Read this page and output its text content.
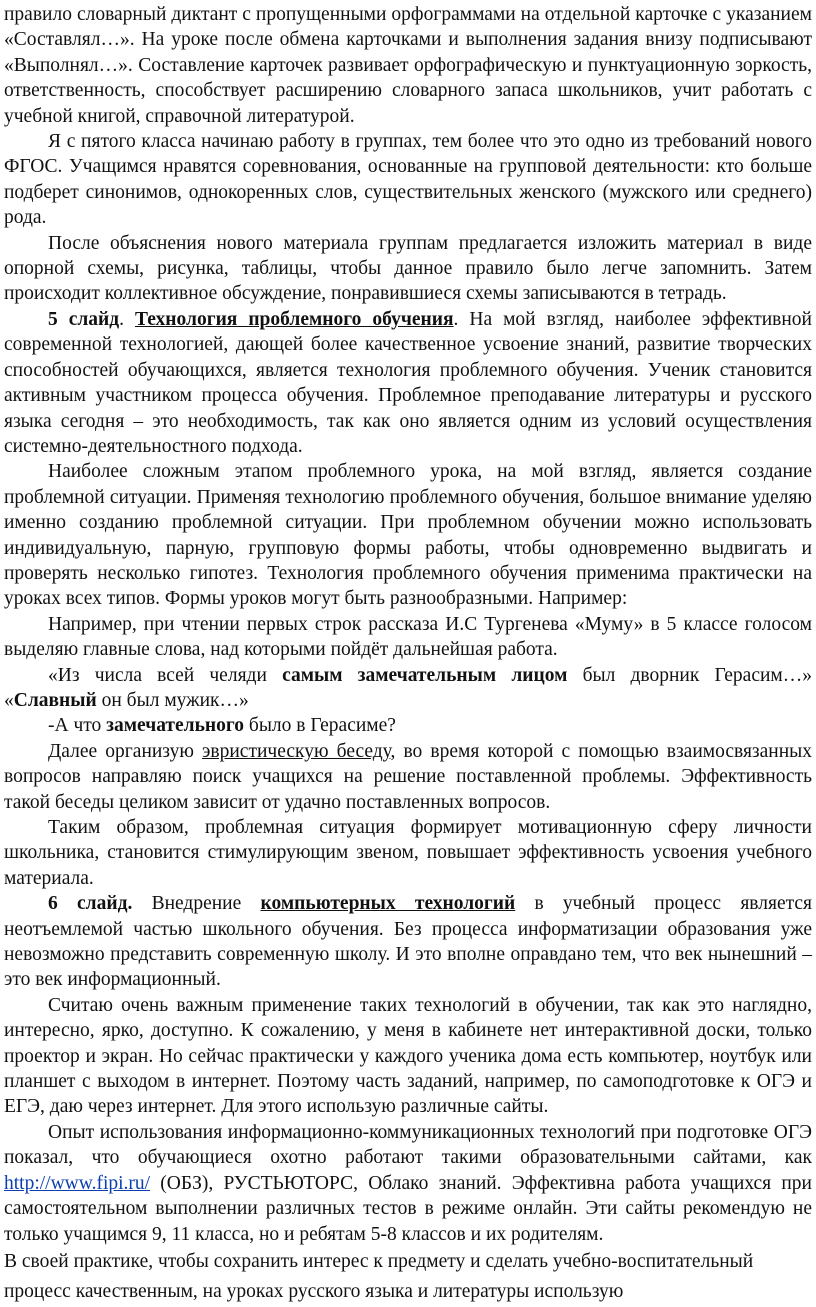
правило словарный диктант с пропущенными орфограммами на отдельной карточке с указанием «Составлял…». На уроке после обмена карточками и выполнения задания внизу подписывают «Выполнял…». Составление карточек развивает орфографическую и пунктуационную зоркость, ответственность, способствует расширению словарного запаса школьников, учит работать с учебной книгой, справочной литературой.

Я с пятого класса начинаю работу в группах, тем более что это одно из требований нового ФГОС. Учащимся нравятся соревнования, основанные на групповой деятельности: кто больше подберет синонимов, однокоренных слов, существительных женского (мужского или среднего) рода.

После объяснения нового материала группам предлагается изложить материал в виде опорной схемы, рисунка, таблицы, чтобы данное правило было легче запомнить. Затем происходит коллективное обсуждение, понравившиеся схемы записываются в тетрадь.

5 слайд. Технология проблемного обучения. На мой взгляд, наиболее эффективной современной технологией, дающей более качественное усвоение знаний, развитие творческих способностей обучающихся, является технология проблемного обучения. Ученик становится активным участником процесса обучения. Проблемное преподавание литературы и русского языка сегодня – это необходимость, так как оно является одним из условий осуществления системно-деятельностного подхода.

Наиболее сложным этапом проблемного урока, на мой взгляд, является создание проблемной ситуации. Применяя технологию проблемного обучения, большое внимание уделяю именно созданию проблемной ситуации. При проблемном обучении можно использовать индивидуальную, парную, групповую формы работы, чтобы одновременно выдвигать и проверять несколько гипотез. Технология проблемного обучения применима практически на уроках всех типов. Формы уроков могут быть разнообразными. Например:

Например, при чтении первых строк рассказа И.С Тургенева «Муму» в 5 классе голосом выделяю главные слова, над которыми пойдёт дальнейшая работа.

«Из числа всей челяди самым замечательным лицом был дворник Герасим…» «Славный он был мужик…»

-А что замечательного было в Герасиме?

Далее организую эвристическую беседу, во время которой с помощью взаимосвязанных вопросов направляю поиск учащихся на решение поставленной проблемы. Эффективность такой беседы целиком зависит от удачно поставленных вопросов.

Таким образом, проблемная ситуация формирует мотивационную сферу личности школьника, становится стимулирующим звеном, повышает эффективность усвоения учебного материала.

6 слайд. Внедрение компьютерных технологий в учебный процесс является неотъемлемой частью школьного обучения. Без процесса информатизации образования уже невозможно представить современную школу. И это вполне оправдано тем, что век нынешний – это век информационный.

Считаю очень важным применение таких технологий в обучении, так как это наглядно, интересно, ярко, доступно. К сожалению, у меня в кабинете нет интерактивной доски, только проектор и экран. Но сейчас практически у каждого ученика дома есть компьютер, ноутбук или планшет с выходом в интернет. Поэтому часть заданий, например, по самоподготовке к ОГЭ и ЕГЭ, даю через интернет. Для этого использую различные сайты.

Опыт использования информационно-коммуникационных технологий при подготовке ОГЭ показал, что обучающиеся охотно работают такими образовательными сайтами, как http://www.fipi.ru/ (ОБЗ), РУСТЬЮТОРС, Облако знаний. Эффективна работа учащихся при самостоятельном выполнении различных тестов в режиме онлайн. Эти сайты рекомендую не только учащимся 9, 11 класса, но и ребятам 5-8 классов и их родителям.

В своей практике, чтобы сохранить интерес к предмету и сделать учебно-воспитательный процесс качественным, на уроках русского языка и литературы использую
